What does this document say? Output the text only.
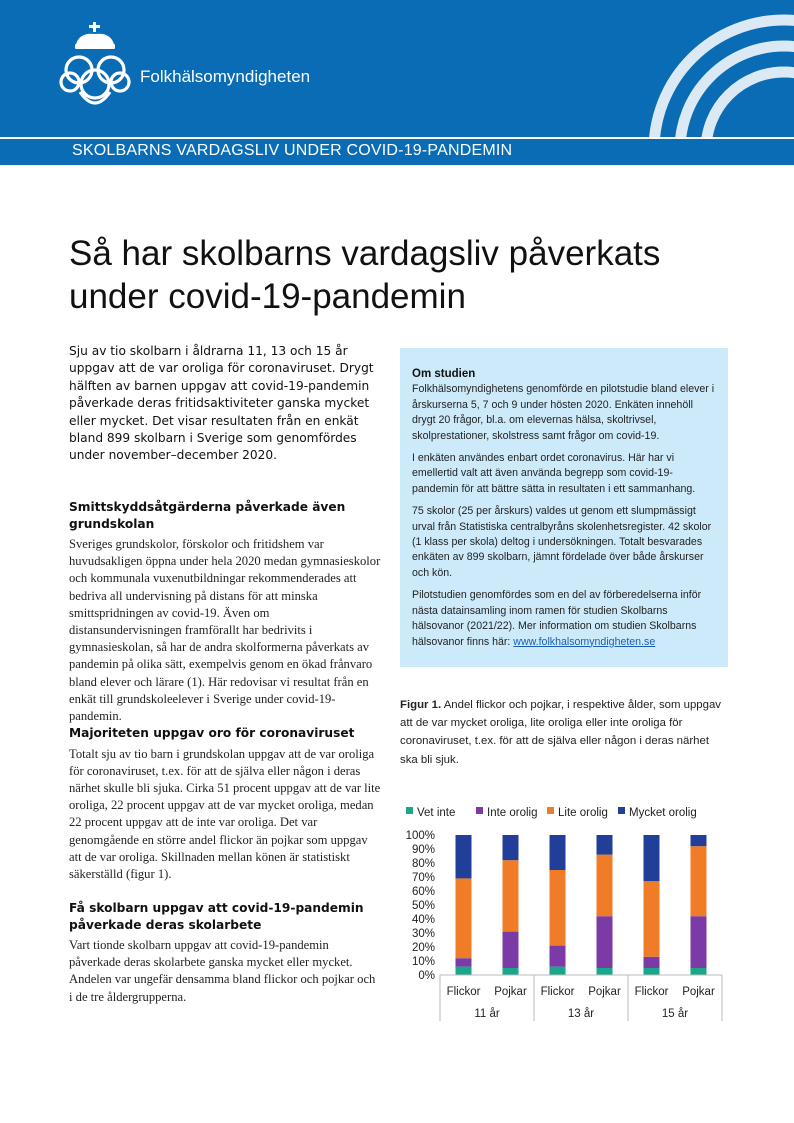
Folkhälsomyndigheten
SKOLBARNS VARDAGSLIV UNDER COVID-19-PANDEMIN
Så har skolbarns vardagsliv påverkats under covid-19-pandemin

Sju av tio skolbarn i åldrarna 11, 13 och 15 år uppgav att de var oroliga för coronaviruset. Drygt hälften av barnen uppgav att covid-19-pandemin påverkade deras fritidsaktiviteter ganska mycket eller mycket. Det visar resultaten från en enkät bland 899 skolbarn i Sverige som genomfördes under november–december 2020.

Smittskyddsåtgärderna påverkade även grundskolan

Sveriges grundskolor, förskolor och fritidshem var huvudsakligen öppna under hela 2020 medan gymnasieskolor och kommunala vuxenutbildningar rekommenderades att bedriva all undervisning på distans för att minska smittspridningen av covid-19. Även om distansundervisningen framförallt har bedrivits i gymnasieskolan, så har de andra skolformerna påverkats av pandemin på olika sätt, exempelvis genom en ökad frånvaro bland elever och lärare (1). Här redovisar vi resultat från en enkät till grundskoleelever i Sverige under covid-19-pandemin.

Majoriteten uppgav oro för coronaviruset

Totalt sju av tio barn i grundskolan uppgav att de var oroliga för coronaviruset, t.ex. för att de själva eller någon i deras närhet skulle bli sjuka. Cirka 51 procent uppgav att de var lite oroliga, 22 procent uppgav att de var mycket oroliga, medan 22 procent uppgav att de inte var oroliga. Det var genomgående en större andel flickor än pojkar som uppgav att de var oroliga. Skillnaden mellan könen är statistiskt säkerställd (figur 1).

Få skolbarn uppgav att covid-19-pandemin påverkade deras skolarbete

Vart tionde skolbarn uppgav att covid-19-pandemin påverkade deras skolarbete ganska mycket eller mycket. Andelen var ungefär densamma bland flickor och pojkar och i de tre åldergrupperna.

Om studien

Folkhälsomyndighetens genomförde en pilotstudie bland elever i årskurserna 5, 7 och 9 under hösten 2020. Enkäten innehöll drygt 20 frågor, bl.a. om elevernas hälsa, skoltrivsel, skolprestationer, skolstress samt frågor om covid-19.

I enkäten användes enbart ordet coronavirus. Här har vi emellertid valt att även använda begrepp som covid-19-pandemin för att bättre sätta in resultaten i ett sammanhang.

75 skolor (25 per årskurs) valdes ut genom ett slumpmässigt urval från Statistiska centralbyråns skolenhetsregister. 42 skolor (1 klass per skola) deltog i undersökningen. Totalt besvarades enkäten av 899 skolbarn, jämnt fördelade över både årskurser och kön.

Pilotstudien genomfördes som en del av förberedelserna inför nästa datainsamling inom ramen för studien Skolbarns hälsovanor (2021/22). Mer information om studien Skolbarns hälsovanor finns här: www.folkhalsomyndigheten.se

Figur 1. Andel flickor och pojkar, i respektive ålder, som uppgav att de var mycket oroliga, lite oroliga eller inte oroliga för coronaviruset, t.ex. för att de själva eller någon i deras närhet ska bli sjuk.
Vet inte	Inte orolig Lite orolig Mycket orolig
0%
10%
20%
30%
40%
50%
60%
70%
80%
90%
100%
Flickor Pojkar Flickor Pojkar Flickor Pojkar
11 år	13 år	15 år
